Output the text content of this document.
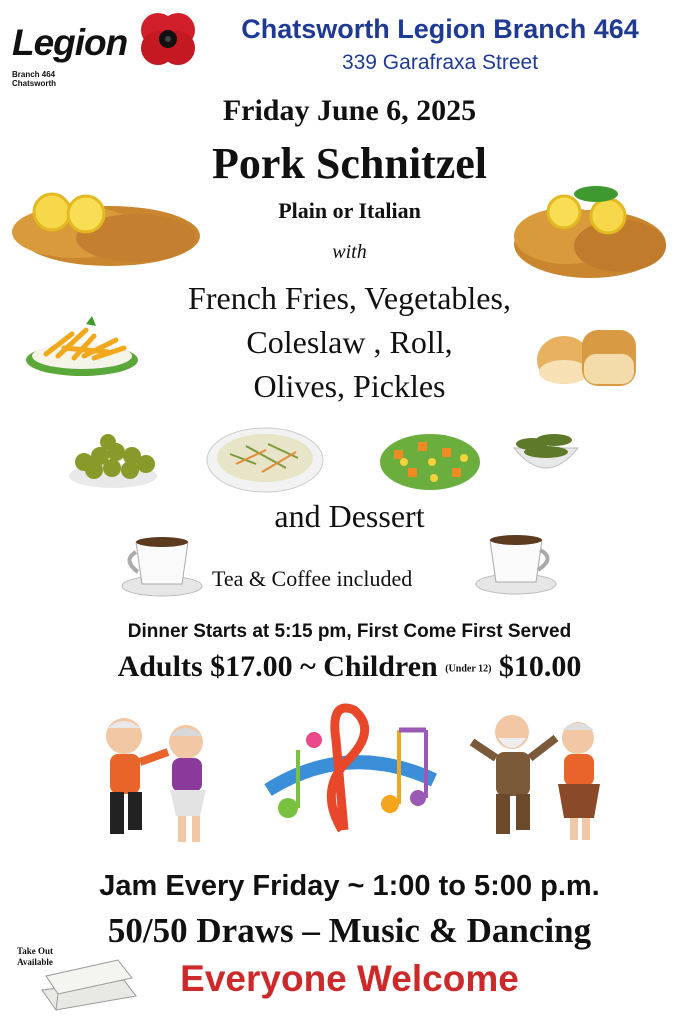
Legion
Branch 464
Chatsworth
Chatsworth Legion Branch 464
339 Garafraxa Street
Friday June 6, 2025
Pork Schnitzel
Plain or Italian
with
French Fries, Vegetables,
Coleslaw , Roll,
Olives, Pickles
and Dessert
Tea & Coffee included
Dinner Starts at 5:15 pm, First Come First Served
Adults $17.00 ~ Children (Under 12) $10.00
Jam Every Friday ~ 1:00 to 5:00 p.m.
50/50 Draws – Music & Dancing
Take Out
Available	Everyone Welcome
